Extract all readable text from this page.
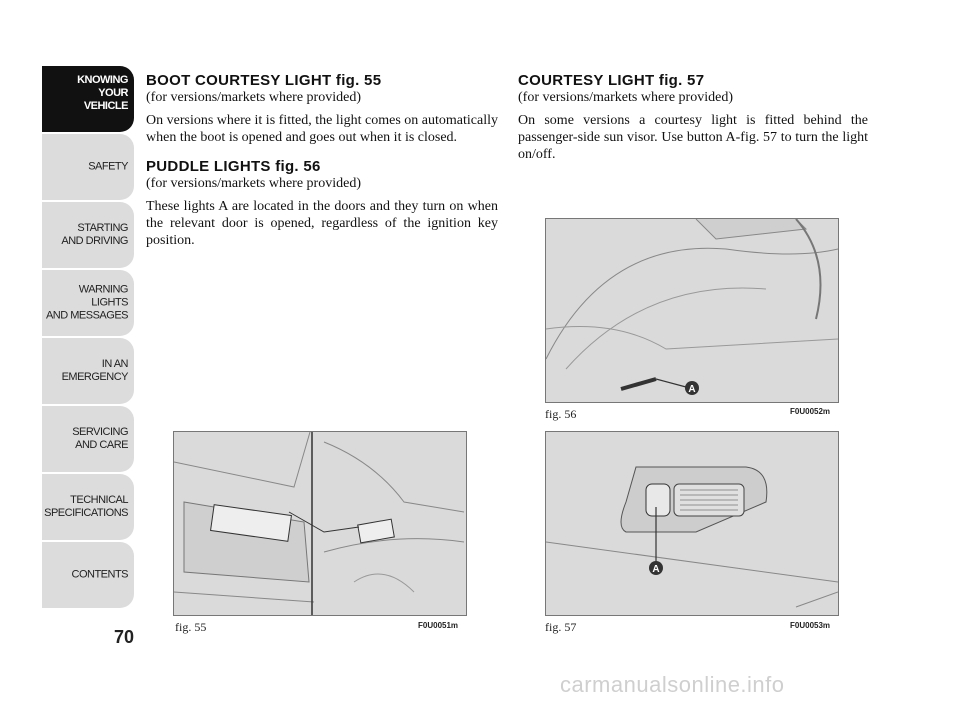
KNOWING
YOUR
VEHICLE
SAFETY
STARTING
AND DRIVING
WARNING LIGHTS
AND MESSAGES
IN AN
EMERGENCY
SERVICING
AND CARE
TECHNICAL
SPECIFICATIONS
CONTENTS
70
BOOT COURTESY LIGHT fig. 55
(for versions/markets where provided)

On versions where it is fitted, the light comes on automatically when the boot is opened and goes out when it is closed.

PUDDLE LIGHTS fig. 56
(for versions/markets where provided)

These lights A are located in the doors and they turn on when the relevant door is opened, regardless of the ignition key position.

COURTESY LIGHT fig. 57
(for versions/markets where provided)

On some versions a courtesy light is fitted behind the passenger-side sun visor. Use button A-fig. 57 to turn the light on/off.

fig. 55	F0U0051m
A
fig. 56	F0U0052m
A
fig. 57	F0U0053m
carmanualsonline.info
